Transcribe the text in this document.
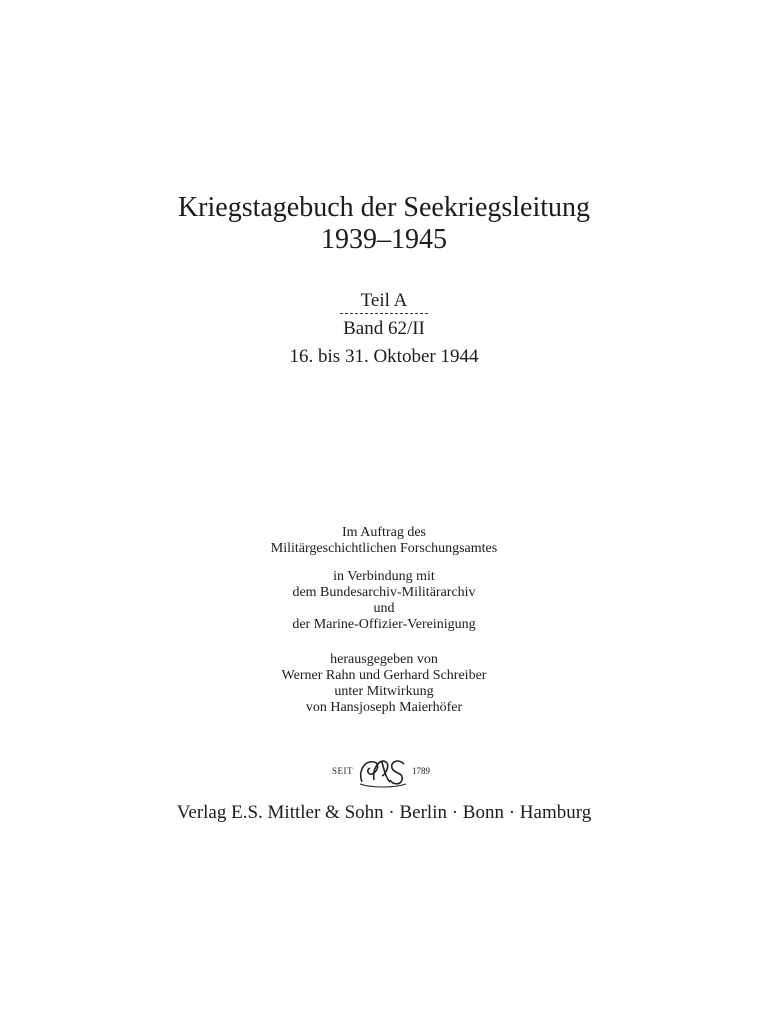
Kriegstagebuch der Seekriegsleitung
1939–1945
Teil A
Band 62/II
16. bis 31. Oktober 1944
Im Auftrag des
Militärgeschichtlichen Forschungsamtes
in Verbindung mit
dem Bundesarchiv-Militärarchiv
und
der Marine-Offizier-Vereinigung
herausgegeben von
Werner Rahn und Gerhard Schreiber
unter Mitwirkung
von Hansjoseph Maierhöfer
SEIT	1789
Verlag E.S. Mittler & Sohn · Berlin · Bonn · Hamburg
